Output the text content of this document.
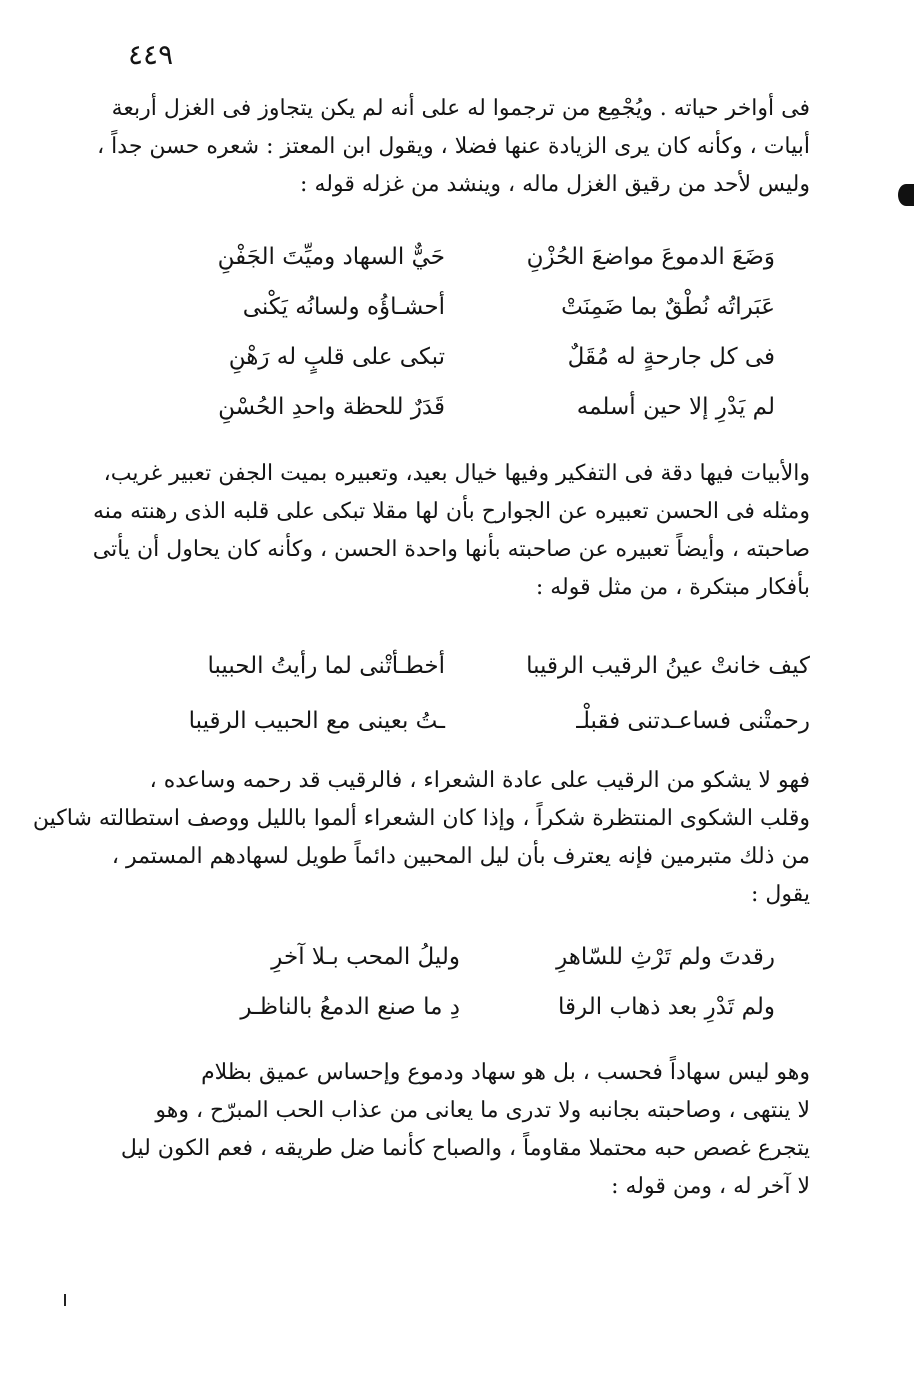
٤٤٩
فى أواخر حياته . ويُجْمِع من ترجموا له على أنه لم يكن يتجاوز فى الغزل أربعة
أبيات ، وكأنه كان يرى الزيادة عنها فضلا ، ويقول ابن المعتز : شعره حسن جداً ،
وليس لأحد من رقيق الغزل ماله ، وينشد من غزله قوله :
وَضَعَ الدموعَ مواضعَ الحُزْنِ
حَيٌّ السهاد وميِّتَ الجَفْنِ
عَبَراتُه نُطْقٌ بما ضَمِنَتْ
أحشـاؤُه ولسانُه يَكْنى
فى كل جارحةٍ له مُقَلٌ
تبكى على قلبٍ له رَهْنِ
لم يَدْرِ إلا حين أسلمه
قَدَرٌ للحظة واحدِ الحُسْنِ
والأبيات فيها دقة فى التفكير وفيها خيال بعيد، وتعبيره بميت الجفن تعبير غريب،
ومثله فى الحسن تعبيره عن الجوارح بأن لها مقلا تبكى على قلبه الذى رهنته منه
صاحبته ، وأيضاً تعبيره عن صاحبته بأنها واحدة الحسن ، وكأنه كان يحاول أن يأتى
بأفكار مبتكرة ، من مثل قوله :
كيف خانتْ عينُ الرقيب الرقيبا
أخطـأتْنى لما رأيتُ الحبيبا
رحمتْنى فساعـدتنى فقبلْـ
ـتُ بعينى مع الحبيب الرقيبا
فهو لا يشكو من الرقيب على عادة الشعراء ، فالرقيب قد رحمه وساعده ،
وقلب الشكوى المنتظرة شكراً ، وإذا كان الشعراء ألموا بالليل ووصف استطالته شاكين
من ذلك متبرمين فإنه يعترف بأن ليل المحبين دائماً طويل لسهادهم المستمر ،
يقول :
رقدتَ ولم تَرْثِ للسّاهرِ
وليلُ المحب بـلا آخرِ
ولم تَدْرِ بعد ذهاب الرقا
دِ ما صنع الدمعُ بالناظـر
وهو ليس سهاداً فحسب ، بل هو سهاد ودموع وإحساس عميق بظلام
لا ينتهى ، وصاحبته بجانبه ولا تدرى ما يعانى من عذاب الحب المبرّح ، وهو
يتجرع غصص حبه محتملا مقاوماً ، والصباح كأنما ضل طريقه ، فعم الكون ليل
لا آخر له ، ومن قوله :
